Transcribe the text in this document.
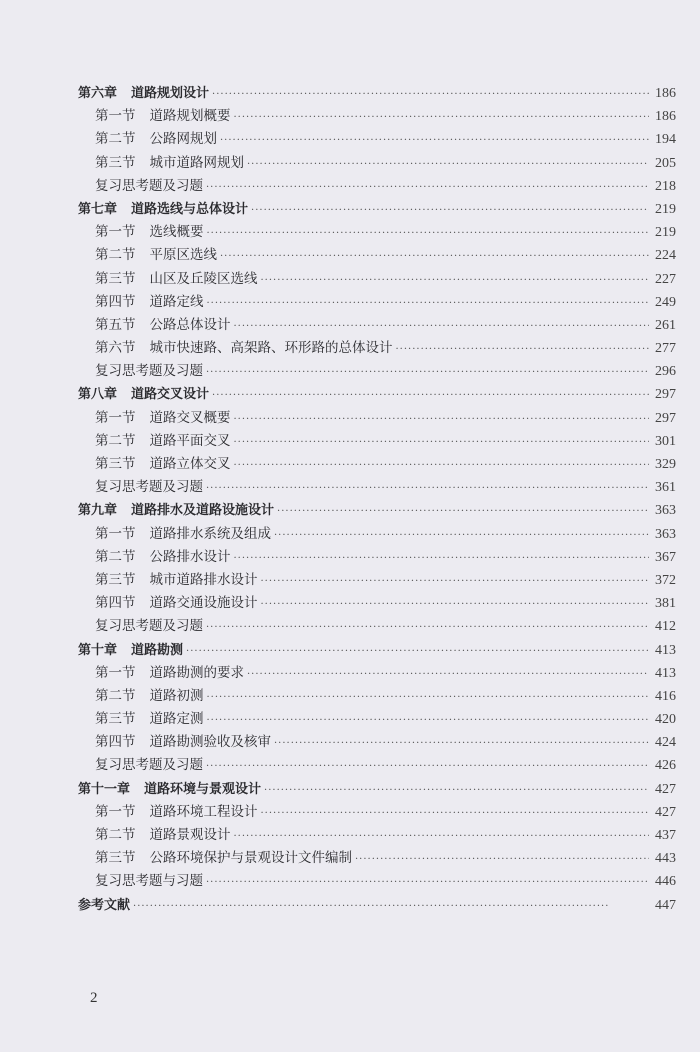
第六章 道路规划设计 ·····	186
第一节 道路规划概要 ·····	186
第二节 公路网规划 ·····	194
第三节 城市道路网规划 ·····	205
复习思考题及习题 ·····	218
第七章 道路选线与总体设计 ·····	219
第一节 选线概要 ·····	219
第二节 平原区选线 ·····	224
第三节 山区及丘陵区选线 ·····	227
第四节 道路定线 ·····	249
第五节 公路总体设计 ·····	261
第六节 城市快速路、高架路、环形路的总体设计 ·····	277
复习思考题及习题 ·····	296
第八章 道路交叉设计 ·····	297
第一节 道路交叉概要 ·····	297
第二节 道路平面交叉 ·····	301
第三节 道路立体交叉 ·····	329
复习思考题及习题 ·····	361
第九章 道路排水及道路设施设计 ·····	363
第一节 道路排水系统及组成 ·····	363
第二节 公路排水设计 ·····	367
第三节 城市道路排水设计 ·····	372
第四节 道路交通设施设计 ·····	381
复习思考题及习题 ·····	412
第十章 道路勘测 ·····	413
第一节 道路勘测的要求 ·····	413
第二节 道路初测 ·····	416
第三节 道路定测 ·····	420
第四节 道路勘测验收及核审 ·····	424
复习思考题及习题 ·····	426
第十一章 道路环境与景观设计 ·····	427
第一节 道路环境工程设计 ·····	427
第二节 道路景观设计 ·····	437
第三节 公路环境保护与景观设计文件编制 ·····	443
复习思考题与习题 ·····	446
参考文献 ·····	447
2
